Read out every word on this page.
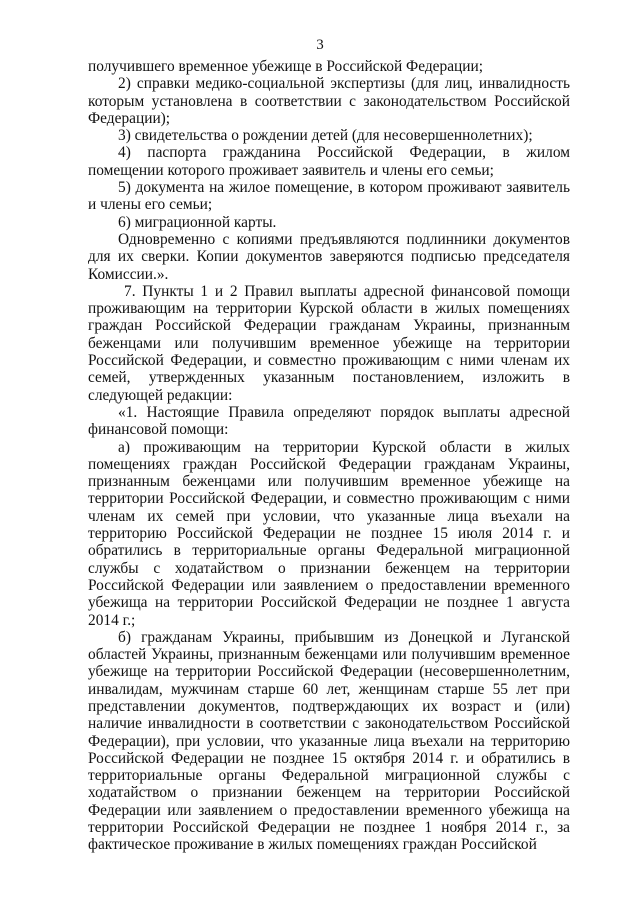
3

получившего временное убежище в Российской Федерации;

2) справки медико-социальной экспертизы (для лиц, инвалидность которым установлена в соответствии с законодательством Российской Федерации);

3) свидетельства о рождении детей (для несовершеннолетних);

4) паспорта гражданина Российской Федерации, в жилом помещении которого проживает заявитель и члены его семьи;

5) документа на жилое помещение, в котором проживают заявитель и члены его семьи;

6) миграционной карты.

Одновременно с копиями предъявляются подлинники документов для их сверки. Копии документов заверяются подписью председателя Комиссии.».

7. Пункты 1 и 2 Правил выплаты адресной финансовой помощи проживающим на территории Курской области в жилых помещениях граждан Российской Федерации гражданам Украины, признанным беженцами или получившим временное убежище на территории Российской Федерации, и совместно проживающим с ними членам их семей, утвержденных указанным постановлением, изложить в следующей редакции:

«1. Настоящие Правила определяют порядок выплаты адресной финансовой помощи:

а) проживающим на территории Курской области в жилых помещениях граждан Российской Федерации гражданам Украины, признанным беженцами или получившим временное убежище на территории Российской Федерации, и совместно проживающим с ними членам их семей при условии, что указанные лица въехали на территорию Российской Федерации не позднее 15 июля 2014 г. и обратились в территориальные органы Федеральной миграционной службы с ходатайством о признании беженцем на территории Российской Федерации или заявлением о предоставлении временного убежища на территории Российской Федерации не позднее 1 августа 2014 г.;

б) гражданам Украины, прибывшим из Донецкой и Луганской областей Украины, признанным беженцами или получившим временное убежище на территории Российской Федерации (несовершеннолетним, инвалидам, мужчинам старше 60 лет, женщинам старше 55 лет при представлении документов, подтверждающих их возраст и (или) наличие инвалидности в соответствии с законодательством Российской Федерации), при условии, что указанные лица въехали на территорию Российской Федерации не позднее 15 октября 2014 г. и обратились в территориальные органы Федеральной миграционной службы с ходатайством о признании беженцем на территории Российской Федерации или заявлением о предоставлении временного убежища на территории Российской Федерации не позднее 1 ноября 2014 г., за фактическое проживание в жилых помещениях граждан Российской
